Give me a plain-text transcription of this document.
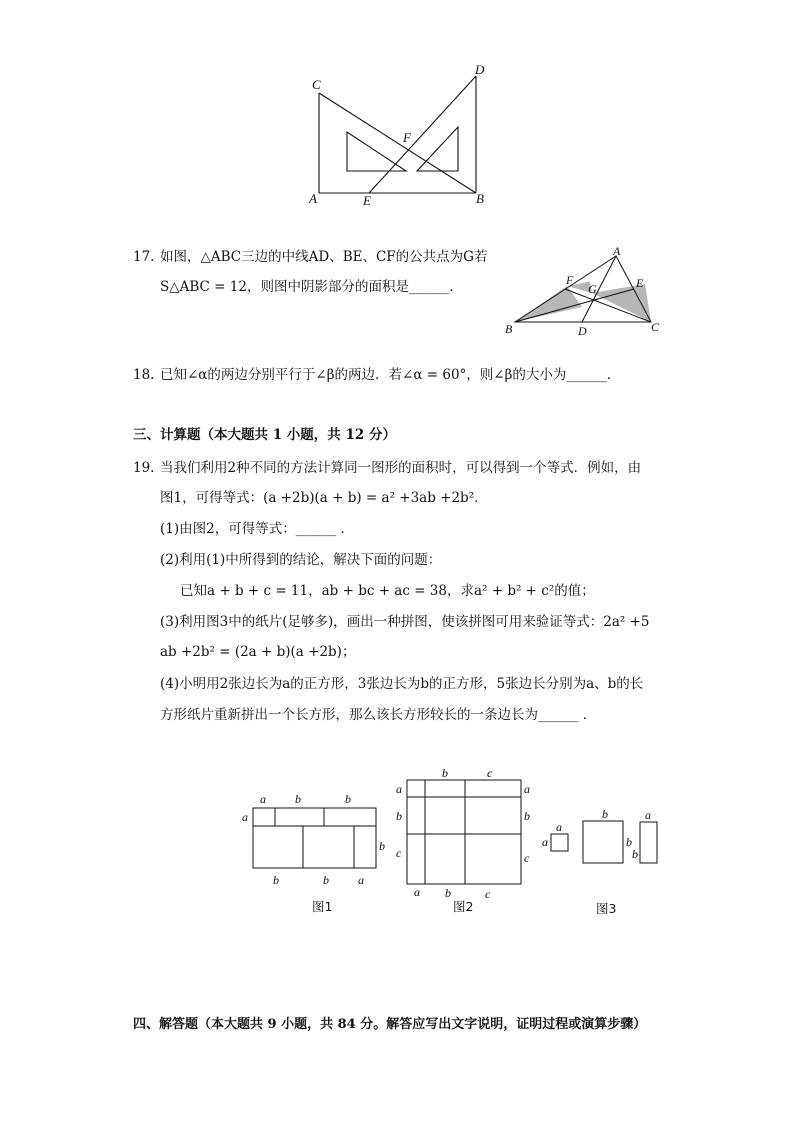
C
D
F
A	E	B
17. 如图，△ABC三边的中线AD、BE、CF的公共点为G若
S△ABC = 12，则图中阴影部分的面积是______．
A
B	C
D
E
F
G
18. 已知∠α的两边分别平行于∠β的两边．若∠α = 60°，则∠β的大小为______．
三、计算题（本大题共 1 小题，共 12 分）
19. 当我们利用2种不同的方法计算同一图形的面积时，可以得到一个等式．例如，由
图1，可得等式：(a +2b)(a + b) = a² +3ab +2b²．
(1)由图2，可得等式：______ ．
(2)利用(1)中所得到的结论，解决下面的问题：
已知a + b + c = 11，ab + bc + ac = 38，求a² + b² + c²的值；
(3)利用图3中的纸片(足够多)，画出一种拼图，使该拼图可用来验证等式：2a² +5
ab +2b² = (2a + b)(a +2b)；
(4)小明用2张边长为a的正方形，3张边长为b的正方形，5张边长分别为a、b的长
方形纸片重新拼出一个长方形，那么该长方形较长的一条边长为______ ．
a b	b
a
b
b	b a
图1
b	c
a
b
c
a
b
c
a b	c
图2
a
a
b	a
b
b
图3
四、解答题（本大题共 9 小题，共 84 分。解答应写出文字说明，证明过程或演算步骤）
